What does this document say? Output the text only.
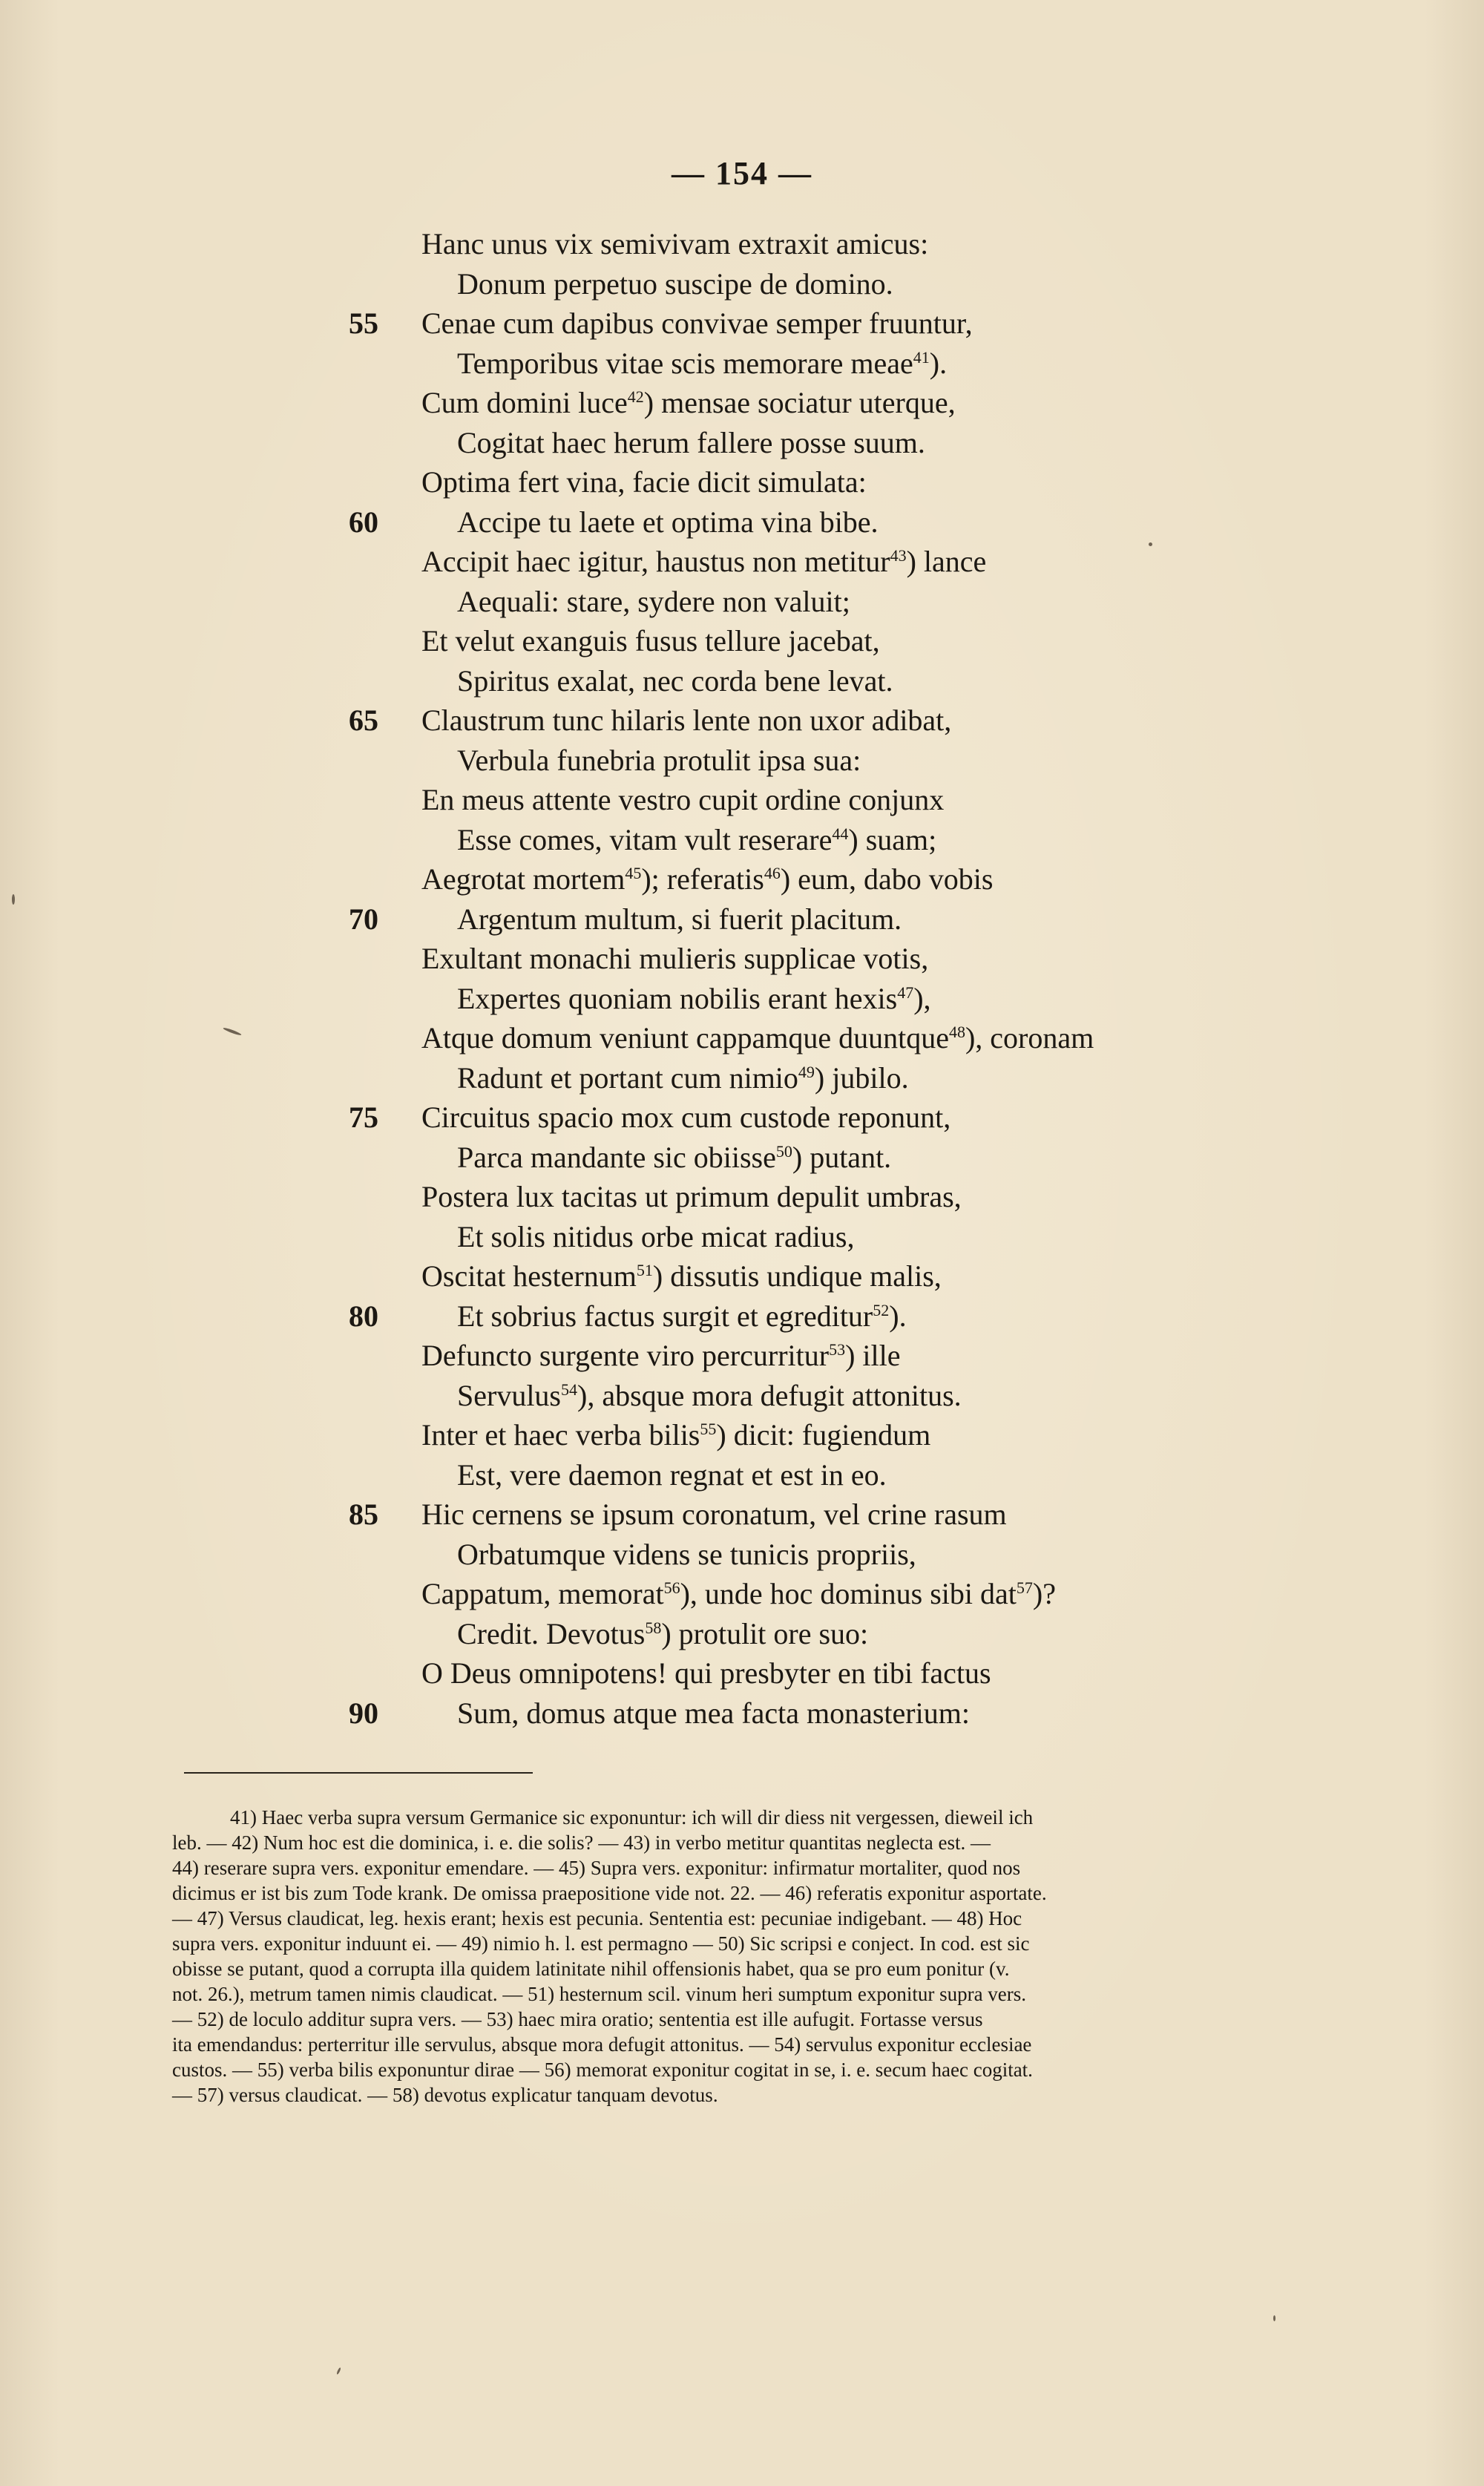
— 154 —
Hanc unus vix semivivam extraxit amicus:
Donum perpetuo suscipe de domino.
55	Cenae cum dapibus convivae semper fruuntur,
Temporibus vitae scis memorare meae$^{41}$).
Cum domini luce$^{42}$) mensae sociatur uterque,
Cogitat haec herum fallere posse suum.
Optima fert vina, facie dicit simulata:
60	Accipe tu laete et optima vina bibe.
Accipit haec igitur, haustus non metitur$^{43}$) lance
Aequali: stare, sydere non valuit;
Et velut exanguis fusus tellure jacebat,
Spiritus exalat, nec corda bene levat.
65	Claustrum tunc hilaris lente non uxor adibat,
Verbula funebria protulit ipsa sua:
En meus attente vestro cupit ordine conjunx
Esse comes, vitam vult reserare$^{44}$) suam;
Aegrotat mortem$^{45}$); referatis$^{46}$) eum, dabo vobis
70	Argentum multum, si fuerit placitum.
Exultant monachi mulieris supplicae votis,
Expertes quoniam nobilis erant hexis$^{47}$),
Atque domum veniunt cappamque duuntque$^{48}$), coronam
Radunt et portant cum nimio$^{49}$) jubilo.
75	Circuitus spacio mox cum custode reponunt,
Parca mandante sic obiisse$^{50}$) putant.
Postera lux tacitas ut primum depulit umbras,
Et solis nitidus orbe micat radius,
Oscitat hesternum$^{51}$) dissutis undique malis,
80	Et sobrius factus surgit et egreditur$^{52}$).
Defuncto surgente viro percurritur$^{53}$) ille
Servulus$^{54}$), absque mora defugit attonitus.
Inter et haec verba bilis$^{55}$) dicit: fugiendum
Est, vere daemon regnat et est in eo.
85	Hic cernens se ipsum coronatum, vel crine rasum
Orbatumque videns se tunicis propriis,
Cappatum, memorat$^{56}$), unde hoc dominus sibi dat$^{57}$)?
Credit. Devotus$^{58}$) protulit ore suo:
O Deus omnipotens! qui presbyter en tibi factus
90	Sum, domus atque mea facta monasterium:
41) Haec verba supra versum Germanice sic exponuntur: ich will dir diess nit vergessen, dieweil ich
leb. — 42) Num hoc est die dominica, i. e. die solis? — 43) in verbo metitur quantitas neglecta est. —
44) reserare supra vers. exponitur emendare. — 45) Supra vers. exponitur: infirmatur mortaliter, quod nos
dicimus er ist bis zum Tode krank. De omissa praepositione vide not. 22. — 46) referatis exponitur asportate.
— 47) Versus claudicat, leg. hexis erant; hexis est pecunia. Sententia est: pecuniae indigebant. — 48) Hoc
supra vers. exponitur induunt ei. — 49) nimio h. l. est permagno — 50) Sic scripsi e conject. In cod. est sic
obisse se putant, quod a corrupta illa quidem latinitate nihil offensionis habet, qua se pro eum ponitur (v.
not. 26.), metrum tamen nimis claudicat. — 51) hesternum scil. vinum heri sumptum exponitur supra vers.
— 52) de loculo additur supra vers. — 53) haec mira oratio; sententia est ille aufugit. Fortasse versus
ita emendandus: perterritur ille servulus, absque mora defugit attonitus. — 54) servulus exponitur ecclesiae
custos. — 55) verba bilis exponuntur dirae — 56) memorat exponitur cogitat in se, i. e. secum haec cogitat.
— 57) versus claudicat. — 58) devotus explicatur tanquam devotus.
